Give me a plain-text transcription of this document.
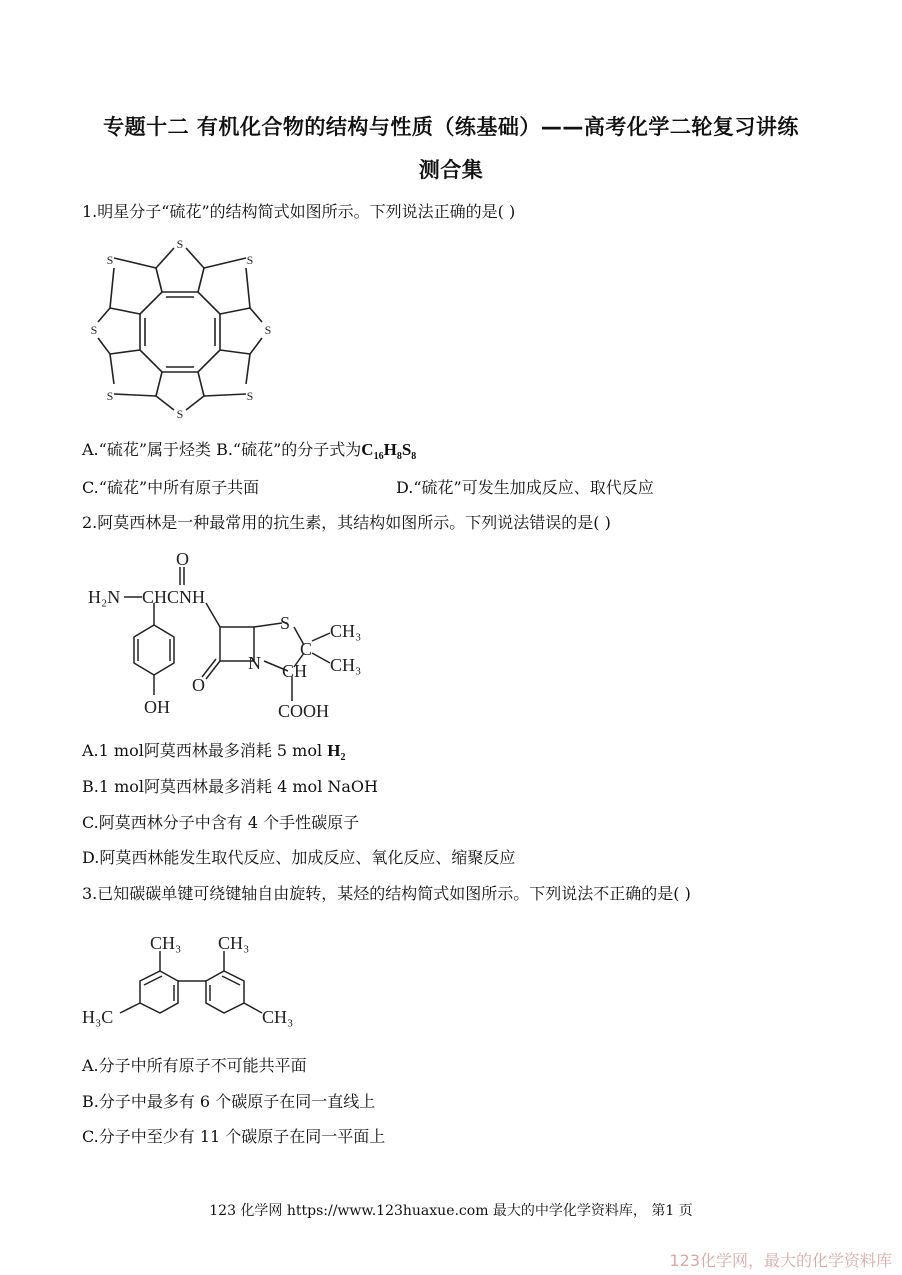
专题十二 有机化合物的结构与性质（练基础）——高考化学二轮复习讲练
测合集
1.明星分子“硫花”的结构简式如图所示。下列说法正确的是( )
S
S
S	S
S	S
S	S
A.“硫花”属于烃类 B.“硫花”的分子式为$C_{16}H_8S_8$
C.“硫花”中所有原子共面	D.“硫花”可发生加成反应、取代反应
2.阿莫西林是一种最常用的抗生素，其结构如图所示。下列说法错误的是( )
O
H₂N CHCNH
S CH₃
C
CH₃
N
O
CH
OH	COOH
A.1 mol阿莫西林最多消耗 5 mol $H_2$
B.1 mol阿莫西林最多消耗 4 mol NaOH
C.阿莫西林分子中含有 4 个手性碳原子
D.阿莫西林能发生取代反应、加成反应、氧化反应、缩聚反应
3.已知碳碳单键可绕键轴自由旋转，某烃的结构简式如图所示。下列说法不正确的是( )
CH₃ CH₃
H₃C	CH₃
A.分子中所有原子不可能共平面
B.分子中最多有 6 个碳原子在同一直线上
C.分子中至少有 11 个碳原子在同一平面上
123 化学网 https://www.123huaxue.com 最大的中学化学资料库， 第1 页
123化学网，最大的化学资料库
